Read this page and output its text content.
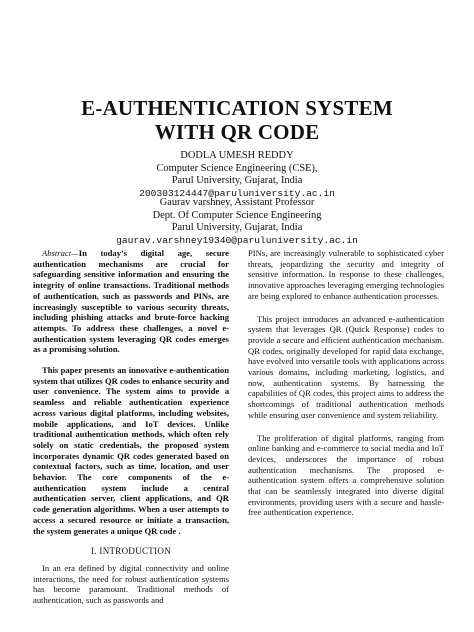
E-AUTHENTICATION SYSTEM
WITH QR CODE
DODLA UMESH REDDY
Computer Science Engineering (CSE),
Parul University, Gujarat, India
200303124447@paruluniversity.ac.in
Gaurav varshney, Assistant Professor
Dept. Of Computer Science Engineering
Parul University, Gujarat, India
gaurav.varshney19340@paruluniversity.ac.in

Abstract—In today’s digital age, secure authentication mechanisms are crucial for safeguarding sensitive information and ensuring the integrity of online transactions. Traditional methods of authentication, such as passwords and PINs, are increasingly susceptible to various security threats, including phishing attacks and brute-force hacking attempts. To address these challenges, a novel e-authentication system leveraging QR codes emerges as a promising solution.

This paper presents an innovative e-authentication system that utilizes QR codes to enhance security and user convenience. The system aims to provide a seamless and reliable authentication experience across various digital platforms, including websites, mobile applications, and IoT devices. Unlike traditional authentication methods, which often rely solely on static credentials, the proposed system incorporates dynamic QR codes generated based on contextual factors, such as time, location, and user behavior. The core components of the e-authentication system include a central authentication server, client applications, and QR code generation algorithms. When a user attempts to access a secured resource or initiate a transaction, the system generates a unique QR code .

I. INTRODUCTION

In an era defined by digital connectivity and online interactions, the need for robust authentication systems has become paramount. Traditional methods of authentication, such as passwords and

PINs, are increasingly vulnerable to sophisticated cyber threats, jeopardizing the security and integrity of sensitive information. In response to these challenges, innovative approaches leveraging emerging technologies are being explored to enhance authentication processes.

This project introduces an advanced e-authentication system that leverages QR (Quick Response) codes to provide a secure and efficient authentication mechanism. QR codes, originally developed for rapid data exchange, have evolved into versatile tools with applications across various domains, including marketing, logistics, and now, authentication systems. By harnessing the capabilities of QR codes, this project aims to address the shortcomings of traditional authentication methods while ensuring user convenience and system reliability.

The proliferation of digital platforms, ranging from online banking and e-commerce to social media and IoT devices, underscores the importance of robust authentication mechanisms. The proposed e-authentication system offers a comprehensive solution that can be seamlessly integrated into diverse digital environments, providing users with a secure and hassle-free authentication experience.
